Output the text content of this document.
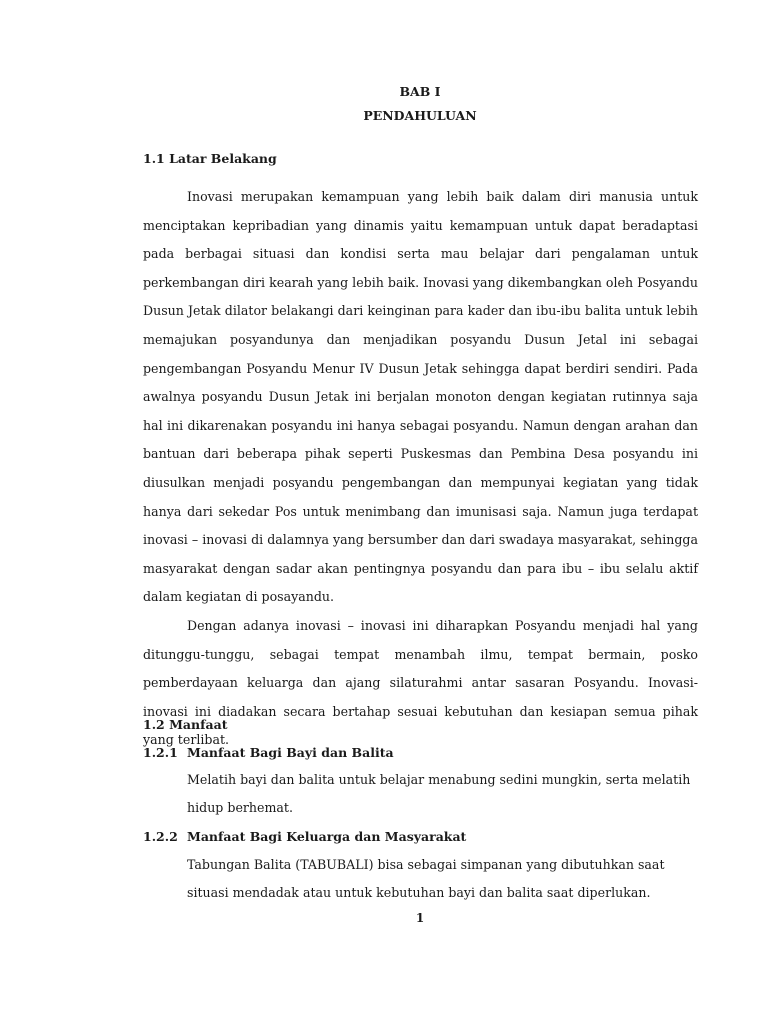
BAB I
PENDAHULUAN
1.1 Latar Belakang

Inovasi merupakan kemampuan yang lebih baik dalam diri manusia untuk menciptakan kepribadian yang dinamis yaitu kemampuan untuk dapat beradaptasi pada berbagai situasi dan kondisi serta mau belajar dari pengalaman untuk perkembangan diri kearah yang lebih baik. Inovasi yang dikembangkan oleh Posyandu Dusun Jetak dilator belakangi dari keinginan para kader dan ibu-ibu balita untuk lebih memajukan posyandunya dan menjadikan posyandu Dusun Jetal ini sebagai pengembangan Posyandu Menur IV Dusun Jetak sehingga dapat berdiri sendiri. Pada awalnya posyandu Dusun Jetak ini berjalan monoton dengan kegiatan rutinnya saja hal ini dikarenakan posyandu ini hanya sebagai posyandu. Namun dengan arahan dan bantuan dari beberapa pihak seperti Puskesmas dan Pembina Desa posyandu ini diusulkan menjadi posyandu pengembangan dan mempunyai kegiatan yang tidak hanya dari sekedar Pos untuk menimbang dan imunisasi saja. Namun juga terdapat inovasi – inovasi di dalamnya yang bersumber dan dari swadaya masyarakat, sehingga masyarakat dengan sadar akan pentingnya posyandu dan para ibu – ibu selalu aktif dalam kegiatan di posayandu.

Dengan adanya inovasi – inovasi ini diharapkan Posyandu menjadi hal yang ditunggu-tunggu, sebagai tempat menambah ilmu, tempat bermain, posko pemberdayaan keluarga dan ajang silaturahmi antar sasaran Posyandu. Inovasi-inovasi ini diadakan secara bertahap sesuai kebutuhan dan kesiapan semua pihak yang terlibat.

1.2 Manfaat
1.2.1 Manfaat Bagi Bayi dan Balita
Melatih bayi dan balita untuk belajar menabung sedini mungkin, serta melatih hidup berhemat.
1.2.2 Manfaat Bagi Keluarga dan Masyarakat
Tabungan Balita (TABUBALI) bisa sebagai simpanan yang dibutuhkan saat situasi mendadak atau untuk kebutuhan bayi dan balita saat diperlukan.
1
